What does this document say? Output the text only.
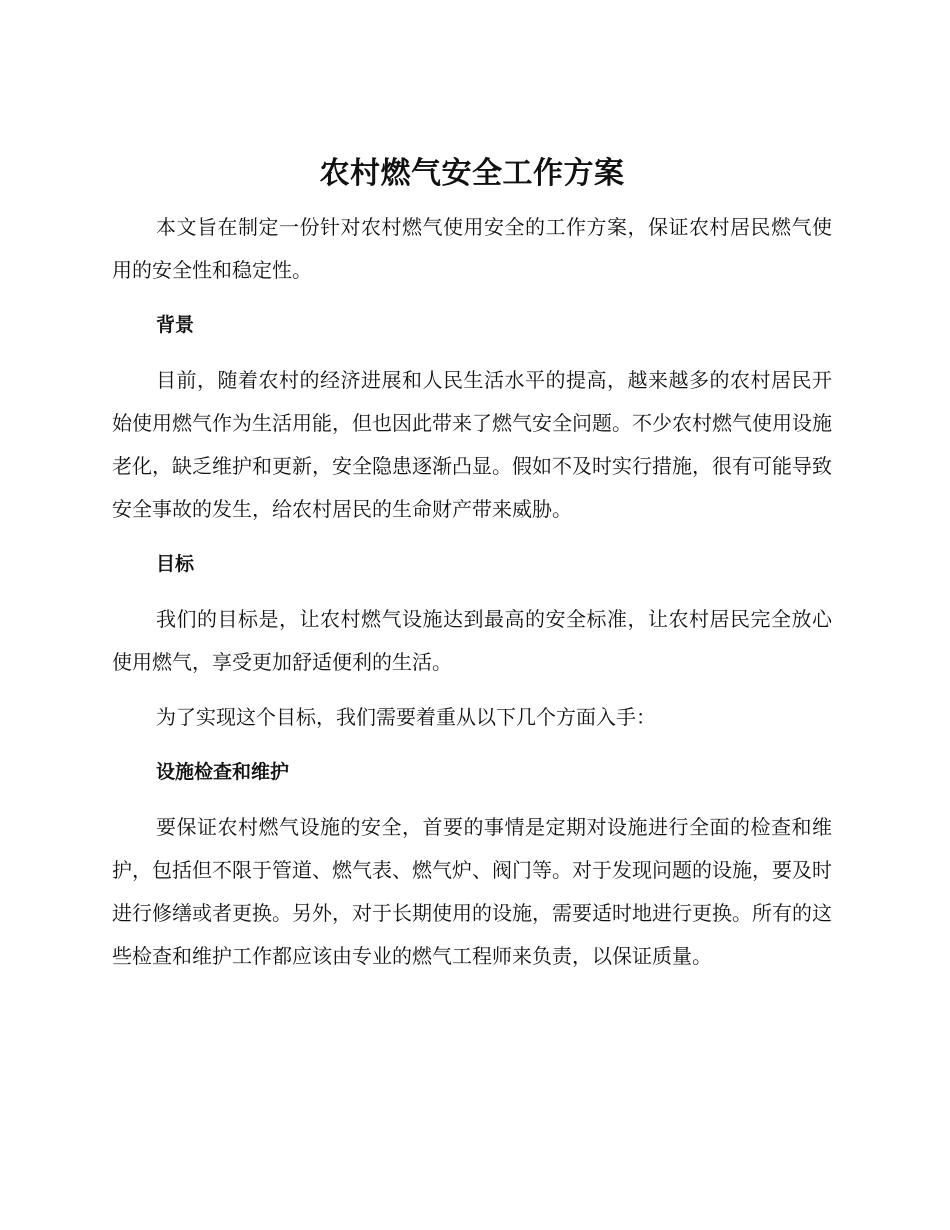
农村燃气安全工作方案

本文旨在制定一份针对农村燃气使用安全的工作方案，保证农村居民燃气使用的安全性和稳定性。

背景

目前，随着农村的经济进展和人民生活水平的提高，越来越多的农村居民开始使用燃气作为生活用能，但也因此带来了燃气安全问题。不少农村燃气使用设施老化，缺乏维护和更新，安全隐患逐渐凸显。假如不及时实行措施，很有可能导致安全事故的发生，给农村居民的生命财产带来威胁。

目标

我们的目标是，让农村燃气设施达到最高的安全标准，让农村居民完全放心使用燃气，享受更加舒适便利的生活。

为了实现这个目标，我们需要着重从以下几个方面入手：

设施检查和维护

要保证农村燃气设施的安全，首要的事情是定期对设施进行全面的检查和维护，包括但不限于管道、燃气表、燃气炉、阀门等。对于发现问题的设施，要及时进行修缮或者更换。另外，对于长期使用的设施，需要适时地进行更换。所有的这些检查和维护工作都应该由专业的燃气工程师来负责，以保证质量。
